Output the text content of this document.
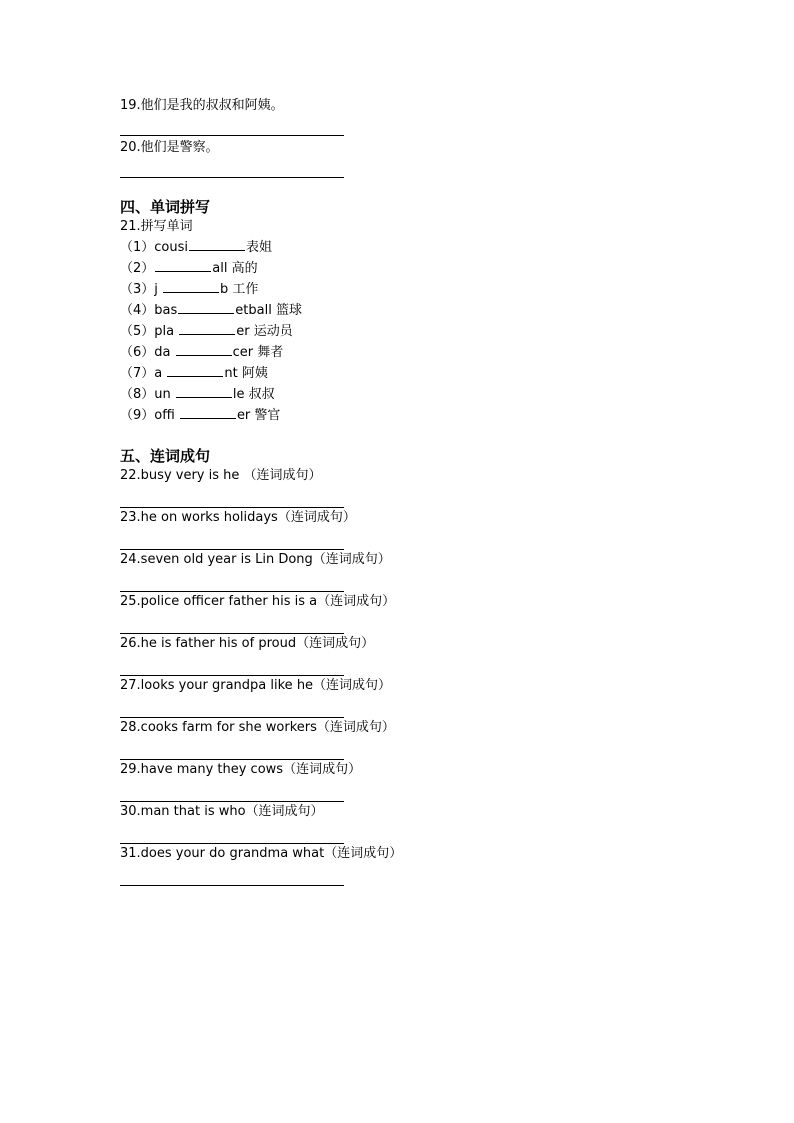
19.他们是我的叔叔和阿姨。

20.他们是警察。

四、单词拼写

21.拼写单词

（1）cousi	表姐

（2）	all 高的

（3）j	b 工作

（4）bas	etball 篮球

（5）pla	er 运动员

（6）da	cer 舞者

（7）a	nt 阿姨

（8）un	le 叔叔

（9）offi	er 警官

五、连词成句

22.busy very is he （连词成句）

23.he on works holidays（连词成句）

24.seven old year is Lin Dong（连词成句）

25.police officer father his is a（连词成句）

26.he is father his of proud（连词成句）

27.looks your grandpa like he（连词成句）

28.cooks farm for she workers（连词成句）

29.have many they cows（连词成句）

30.man that is who（连词成句）

31.does your do grandma what（连词成句）
